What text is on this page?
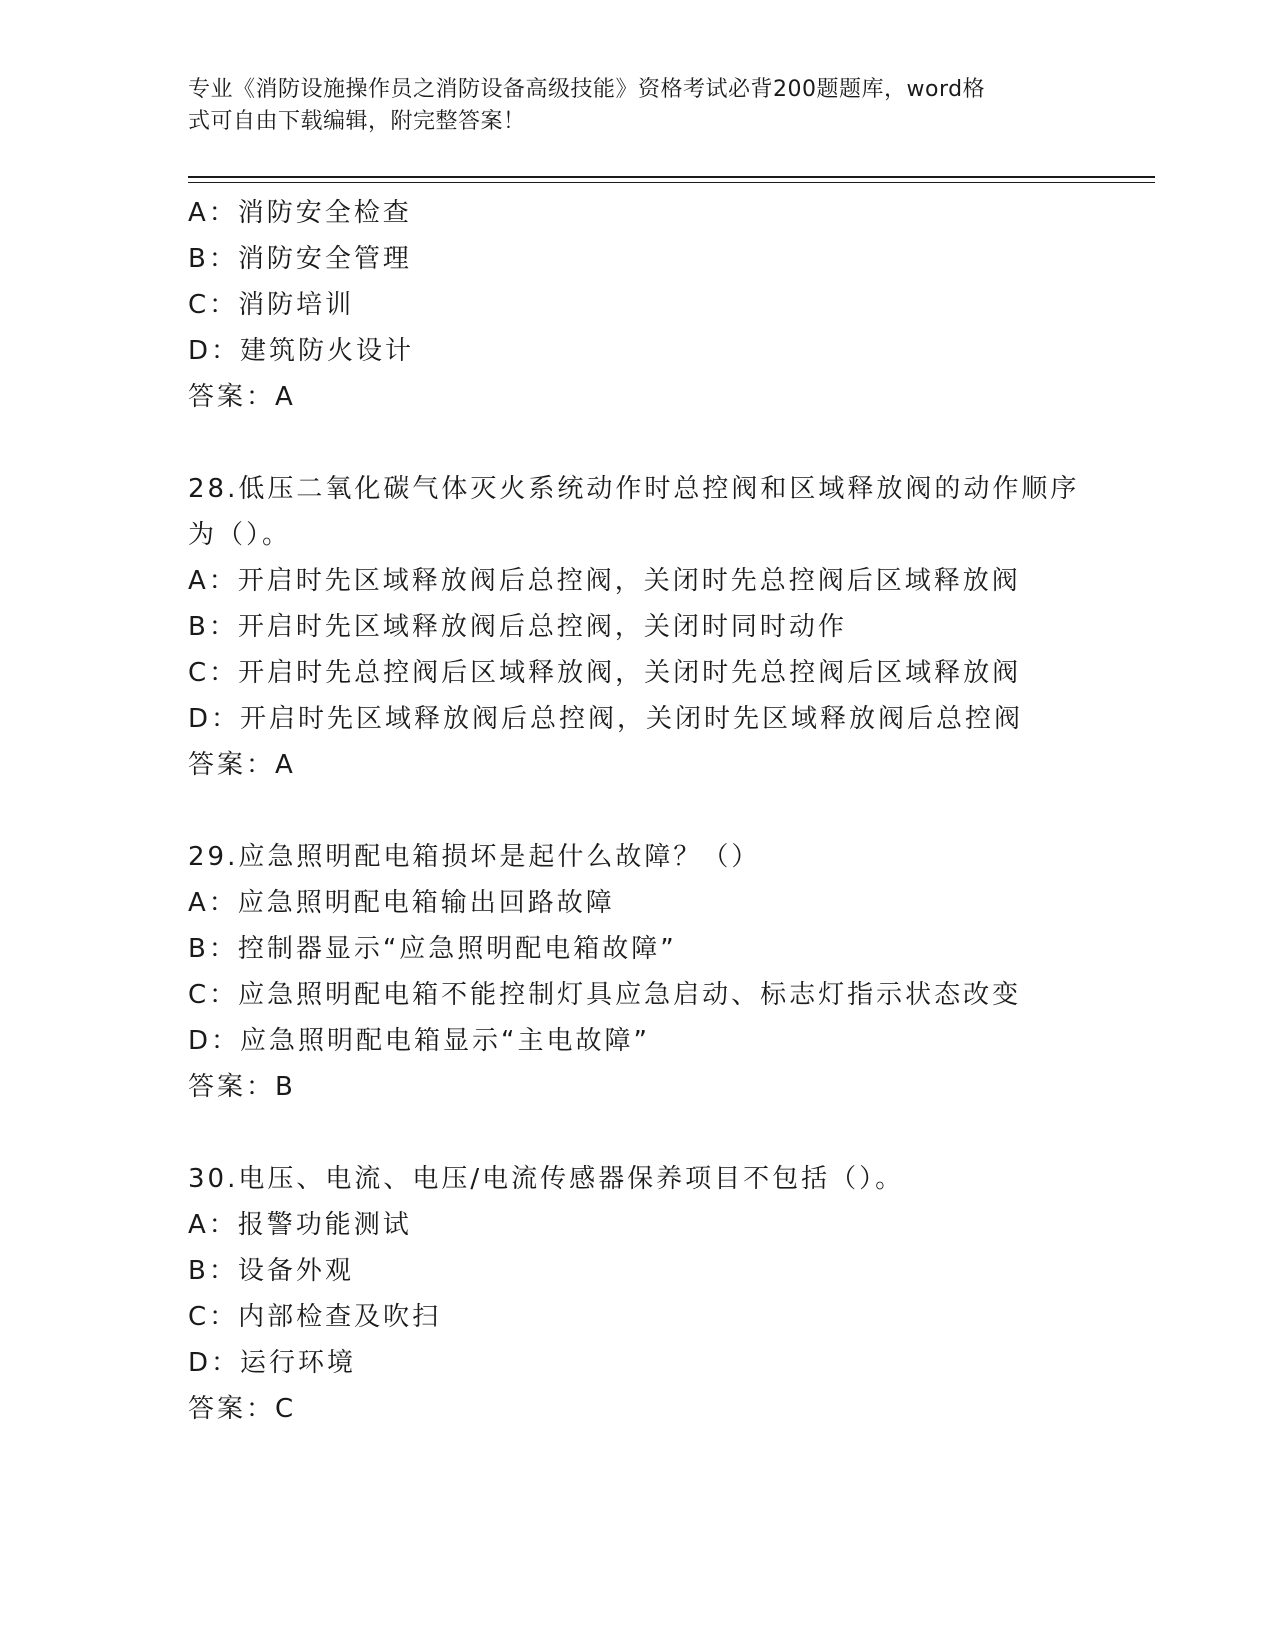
专业《消防设施操作员之消防设备高级技能》资格考试必背200题题库，word格
式可自由下载编辑，附完整答案！
A：消防安全检查
B：消防安全管理
C：消防培训
D：建筑防火设计
答案：A
28.低压二氧化碳气体灭火系统动作时总控阀和区域释放阀的动作顺序
为（）。
A：开启时先区域释放阀后总控阀，关闭时先总控阀后区域释放阀
B：开启时先区域释放阀后总控阀，关闭时同时动作
C：开启时先总控阀后区域释放阀，关闭时先总控阀后区域释放阀
D：开启时先区域释放阀后总控阀，关闭时先区域释放阀后总控阀
答案：A
29.应急照明配电箱损坏是起什么故障？（）
A：应急照明配电箱输出回路故障
B：控制器显示“应急照明配电箱故障”
C：应急照明配电箱不能控制灯具应急启动、标志灯指示状态改变
D：应急照明配电箱显示“主电故障”
答案：B
30.电压、电流、电压/电流传感器保养项目不包括（）。
A：报警功能测试
B：设备外观
C：内部检查及吹扫
D：运行环境
答案：C
